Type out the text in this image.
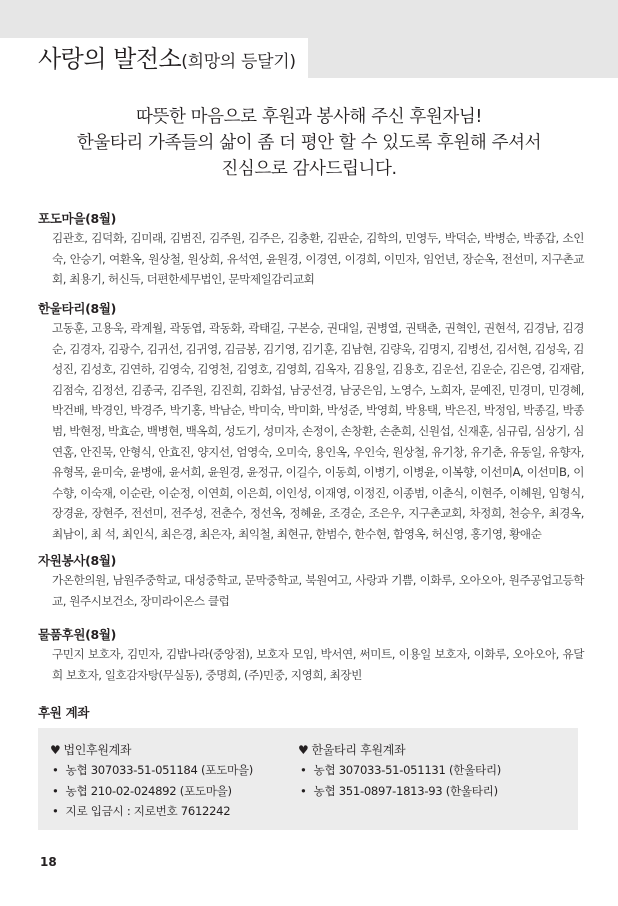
사랑의 발전소(희망의 등달기)
따뜻한 마음으로 후원과 봉사해 주신 후원자님!
한울타리 가족들의 삶이 좀 더 평안 할 수 있도록 후원해 주셔서
진심으로 감사드립니다.
포도마을(8월)
김관호, 김덕화, 김미래, 김범진, 김주원, 김주은, 김충환, 김판순, 김학의, 민영두, 박덕순, 박병순, 박종갑, 소인숙, 안승기, 여환옥, 원상철, 원상희, 유석연, 윤원경, 이경연, 이경희, 이민자, 임언년, 장순옥, 전선미, 지구촌교회, 최용기, 허신득, 더편한세무법인, 문막제일감리교회
한울타리(8월)
고동훈, 고용욱, 곽계월, 곽동엽, 곽동화, 곽태길, 구본승, 권대일, 권병열, 권택춘, 권혁인, 권현석, 김경남, 김경순, 김경자, 김광수, 김귀선, 김귀영, 김금봉, 김기영, 김기훈, 김남현, 김량욱, 김명지, 김병선, 김서현, 김성욱, 김성진, 김성호, 김연하, 김영숙, 김영천, 김영호, 김영희, 김옥자, 김용일, 김용호, 김운선, 김운순, 김은영, 김재람, 김점숙, 김정선, 김종국, 김주원, 김진희, 김화섭, 남궁선경, 남궁은임, 노영수, 노희자, 문예진, 민경미, 민경혜, 박건배, 박경인, 박경주, 박기홍, 박남순, 박미숙, 박미화, 박성준, 박영희, 박용택, 박은진, 박정임, 박종길, 박종범, 박현정, 박효순, 백병현, 백옥희, 성도기, 성미자, 손정이, 손창환, 손춘희, 신원섭, 신재훈, 심규림, 심상기, 심연홈, 안진묵, 안형식, 안효진, 양지선, 엄영숙, 오미숙, 용인옥, 우인숙, 원상철, 유기창, 유기춘, 유동일, 유향자, 유형목, 윤미숙, 윤병애, 윤서희, 윤원경, 윤정규, 이길수, 이동희, 이병기, 이병윤, 이복향, 이선미A, 이선미B, 이수향, 이숙재, 이순란, 이순정, 이연희, 이은희, 이인성, 이재영, 이정진, 이종범, 이춘식, 이현주, 이혜원, 임형식, 장경윤, 장현주, 전선미, 전주성, 전춘수, 정선옥, 정혜윤, 조경순, 조은우, 지구촌교회, 차정희, 천승우, 최경옥, 최남이, 최 석, 최인식, 최은경, 최은자, 최익철, 최현규, 한범수, 한수현, 함영옥, 허신영, 홍기영, 황애순
자원봉사(8월)
가온한의원, 남원주중학교, 대성중학교, 문막중학교, 북원여고, 사랑과 기쁨, 이화루, 오아오아, 원주공업고등학교, 원주시보건소, 장미라이온스 클럽
물품후원(8월)
구민지 보호자, 김민자, 김밥나라(중앙점), 보호자 모임, 박서연, 써미트, 이용일 보호자, 이화루, 오아오아, 유달희 보호자, 일호감자탕(무실동), 중명희, (주)민중, 지영희, 최장빈
후원 계좌
♥ 법인후원계좌
• 농협 307033-51-051184 (포도마을)
• 농협 210-02-024892 (포도마을)
• 지로 입금시 : 지로번호 7612242
♥ 한울타리 후원계좌
• 농협 307033-51-051131 (한울타리)
• 농협 351-0897-1813-93 (한울타리)
18
